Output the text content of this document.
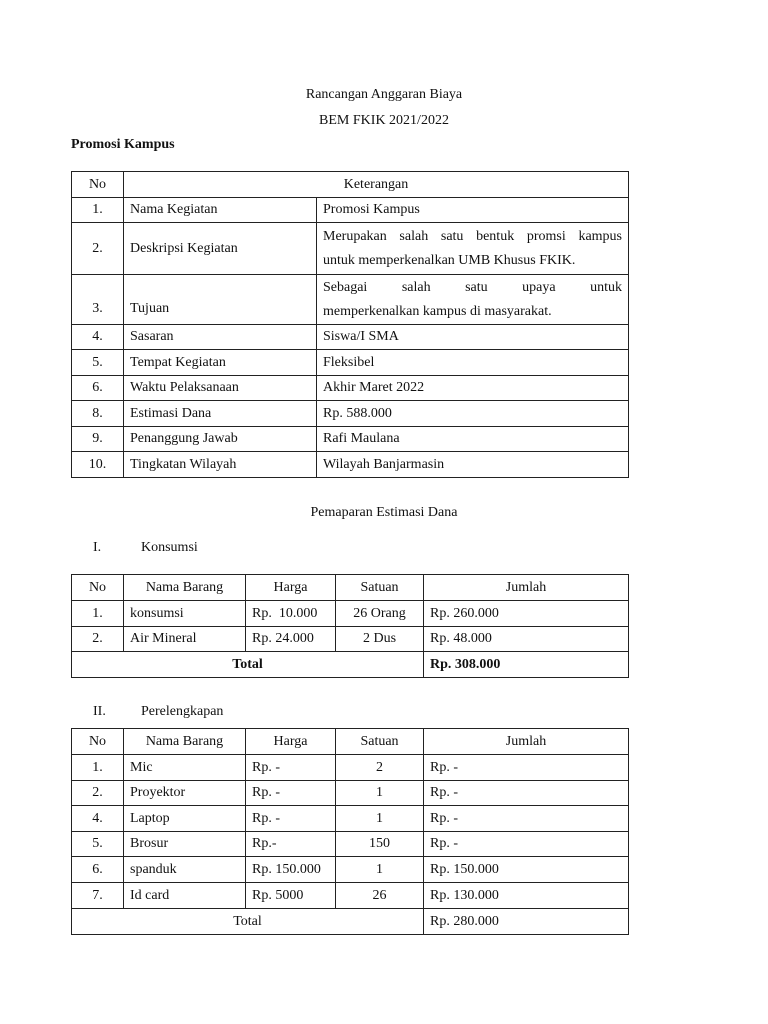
Rancangan Anggaran Biaya
BEM FKIK 2021/2022
Promosi Kampus
No	Keterangan	
1.	Nama Kegiatan	Promosi Kampus
2.	Deskripsi Kegiatan	Merupakan salah satu bentuk promsi kampus
untuk memperkenalkan UMB Khusus FKIK.

3.	Tujuan	Sebagai salah satu upaya untuk
memperkenalkan kampus di masyarakat.

4.	Sasaran	Siswa/I SMA
5.	Tempat Kegiatan	Fleksibel
6.	Waktu Pelaksanaan	Akhir Maret 2022
8.	Estimasi Dana	Rp. 588.000
9.	Penanggung Jawab	Rafi Maulana
10.	Tingkatan Wilayah	Wilayah Banjarmasin
Pemaparan Estimasi Dana
I.	Konsumsi
No	Nama Barang	Harga	Satuan	Jumlah
1.	konsumsi	Rp.  10.000	26 Orang	Rp. 260.000
2.	Air Mineral	Rp. 24.000	2 Dus	Rp. 48.000
Total				Rp. 308.000
II.	Perelengkapan
No	Nama Barang	Harga	Satuan	Jumlah
1.	Mic	Rp. -	2	Rp. -
2.	Proyektor	Rp. -	1	Rp. -
4.	Laptop	Rp. -	1	Rp. -
5.	Brosur	Rp.-	150	Rp. -
6.	spanduk	Rp. 150.000	1	Rp. 150.000
7.	Id card	Rp. 5000	26	Rp. 130.000
Total				Rp. 280.000
